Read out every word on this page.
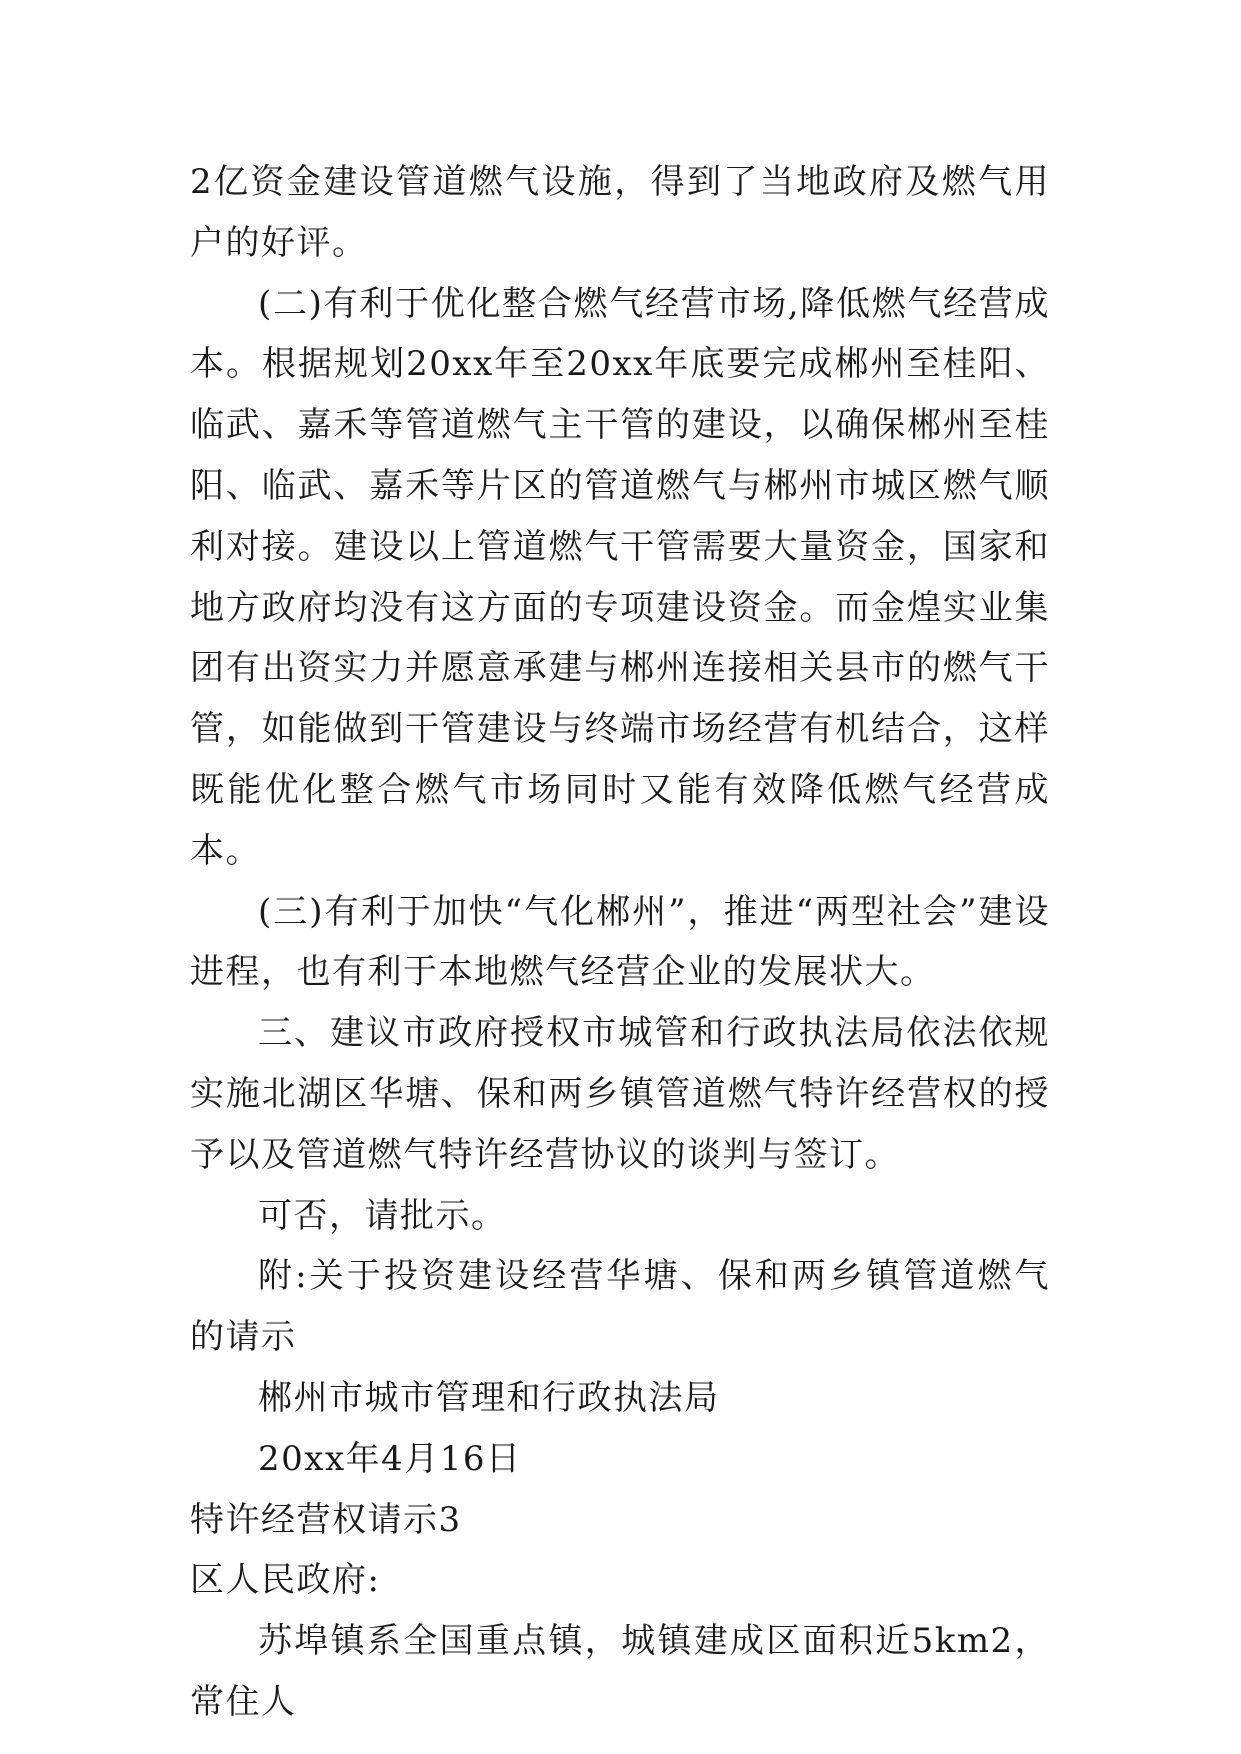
2亿资金建设管道燃气设施，得到了当地政府及燃气用户的好评。

(二)有利于优化整合燃气经营市场,降低燃气经营成本。根据规划20xx年至20xx年底要完成郴州至桂阳、临武、嘉禾等管道燃气主干管的建设，以确保郴州至桂阳、临武、嘉禾等片区的管道燃气与郴州市城区燃气顺利对接。建设以上管道燃气干管需要大量资金，国家和地方政府均没有这方面的专项建设资金。而金煌实业集团有出资实力并愿意承建与郴州连接相关县市的燃气干管，如能做到干管建设与终端市场经营有机结合，这样既能优化整合燃气市场同时又能有效降低燃气经营成本。

(三)有利于加快“气化郴州”，推进“两型社会”建设进程，也有利于本地燃气经营企业的发展状大。

三、建议市政府授权市城管和行政执法局依法依规实施北湖区华塘、保和两乡镇管道燃气特许经营权的授予以及管道燃气特许经营协议的谈判与签订。

可否，请批示。

附:关于投资建设经营华塘、保和两乡镇管道燃气的请示

郴州市城市管理和行政执法局

20xx年4月16日

特许经营权请示3

区人民政府:

苏埠镇系全国重点镇，城镇建成区面积近5km2，常住人
